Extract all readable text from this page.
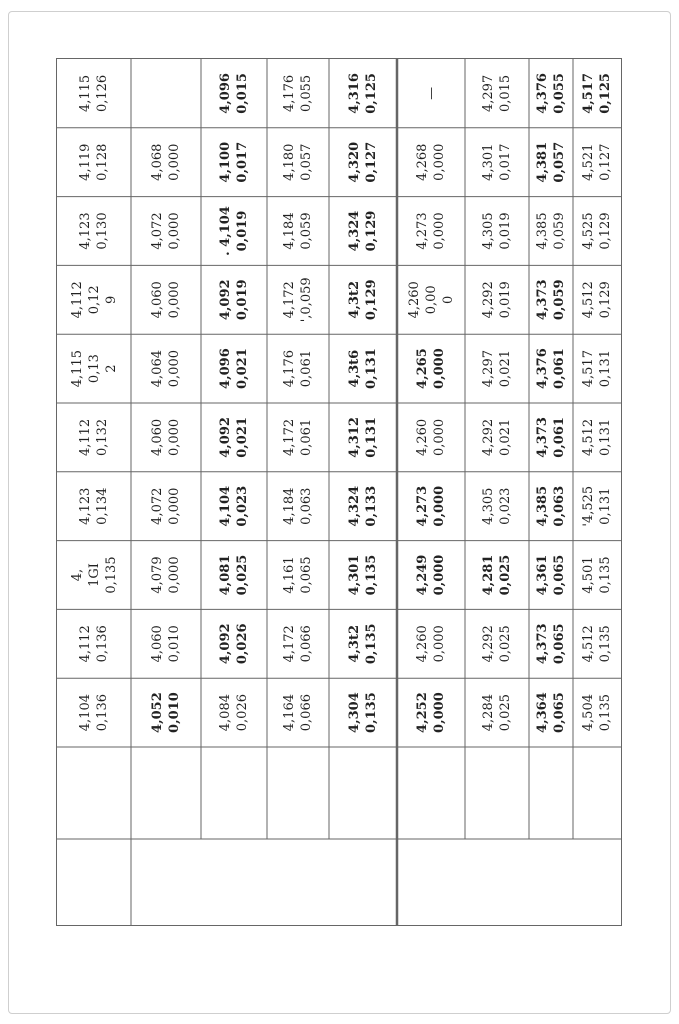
4,104 0,136
4,112 0,136
4, 1GI 0,135
4,123 0,134
4,112 0,132
4,115 0,13 2
4,112 0,12 9
4,123 0,130
4,119 0,128
4,115 0,126
4,052 0,010
4,060 0,010
4,079 0,000
4,072 0,000
4,060 0,000
4,064 0,000
4,060 0,000
4,072 0,000
4,068 0,000
4,084 0,026
4,092 0,026
4,081 0,025
4,104 0,023
4,092 0,021
4,096 0,021
4,092 0,019
. 4,104 0,019
4,100 0,017
4,096 0,015
4,164 0,066
4,172 0,066
4,161 0,065
4,184 0,063
4,172 0,061
4,176 0,061
4,172 ',0,059
4,184 0,059
4,180 0,057
4,176 0,055
4,304 0,135
4,3t2 0,135
4,301 0,135
4,324 0,133
4,312 0,131
4,3t6 0,131
4,3t2 0,129
4,324 0,129
4,320 0,127
4,316 0,125
4,252 0,000
4,260 0,000
4,249 0,000
4,273 0,000
4,260 0,000
4,265 0,000
4,260 0,00 0
4,273 0,000
4,268 0,000
—
4,284 0,025
4,292 0,025
4,281 0,025
4,305 0,023
4,292 0,021
4,297 0,021
4,292 0,019
4,305 0,019
4,301 0,017
4,297 0,015
4,364 0,065
4,373 0,065
4,361 0,065
4,385 0,063
4,373 0,061
4,376 0,061
4,373 0,059
4,385 0,059
4,381 0,057
4,376 0,055
4,504 0,135
4,512 0,135
4,501 0,135
'4,525 0,131
4,512 0,131
4,517 0,131
4,512 0,129
4,525 0,129
4,521 0,127
4,517 0,125
